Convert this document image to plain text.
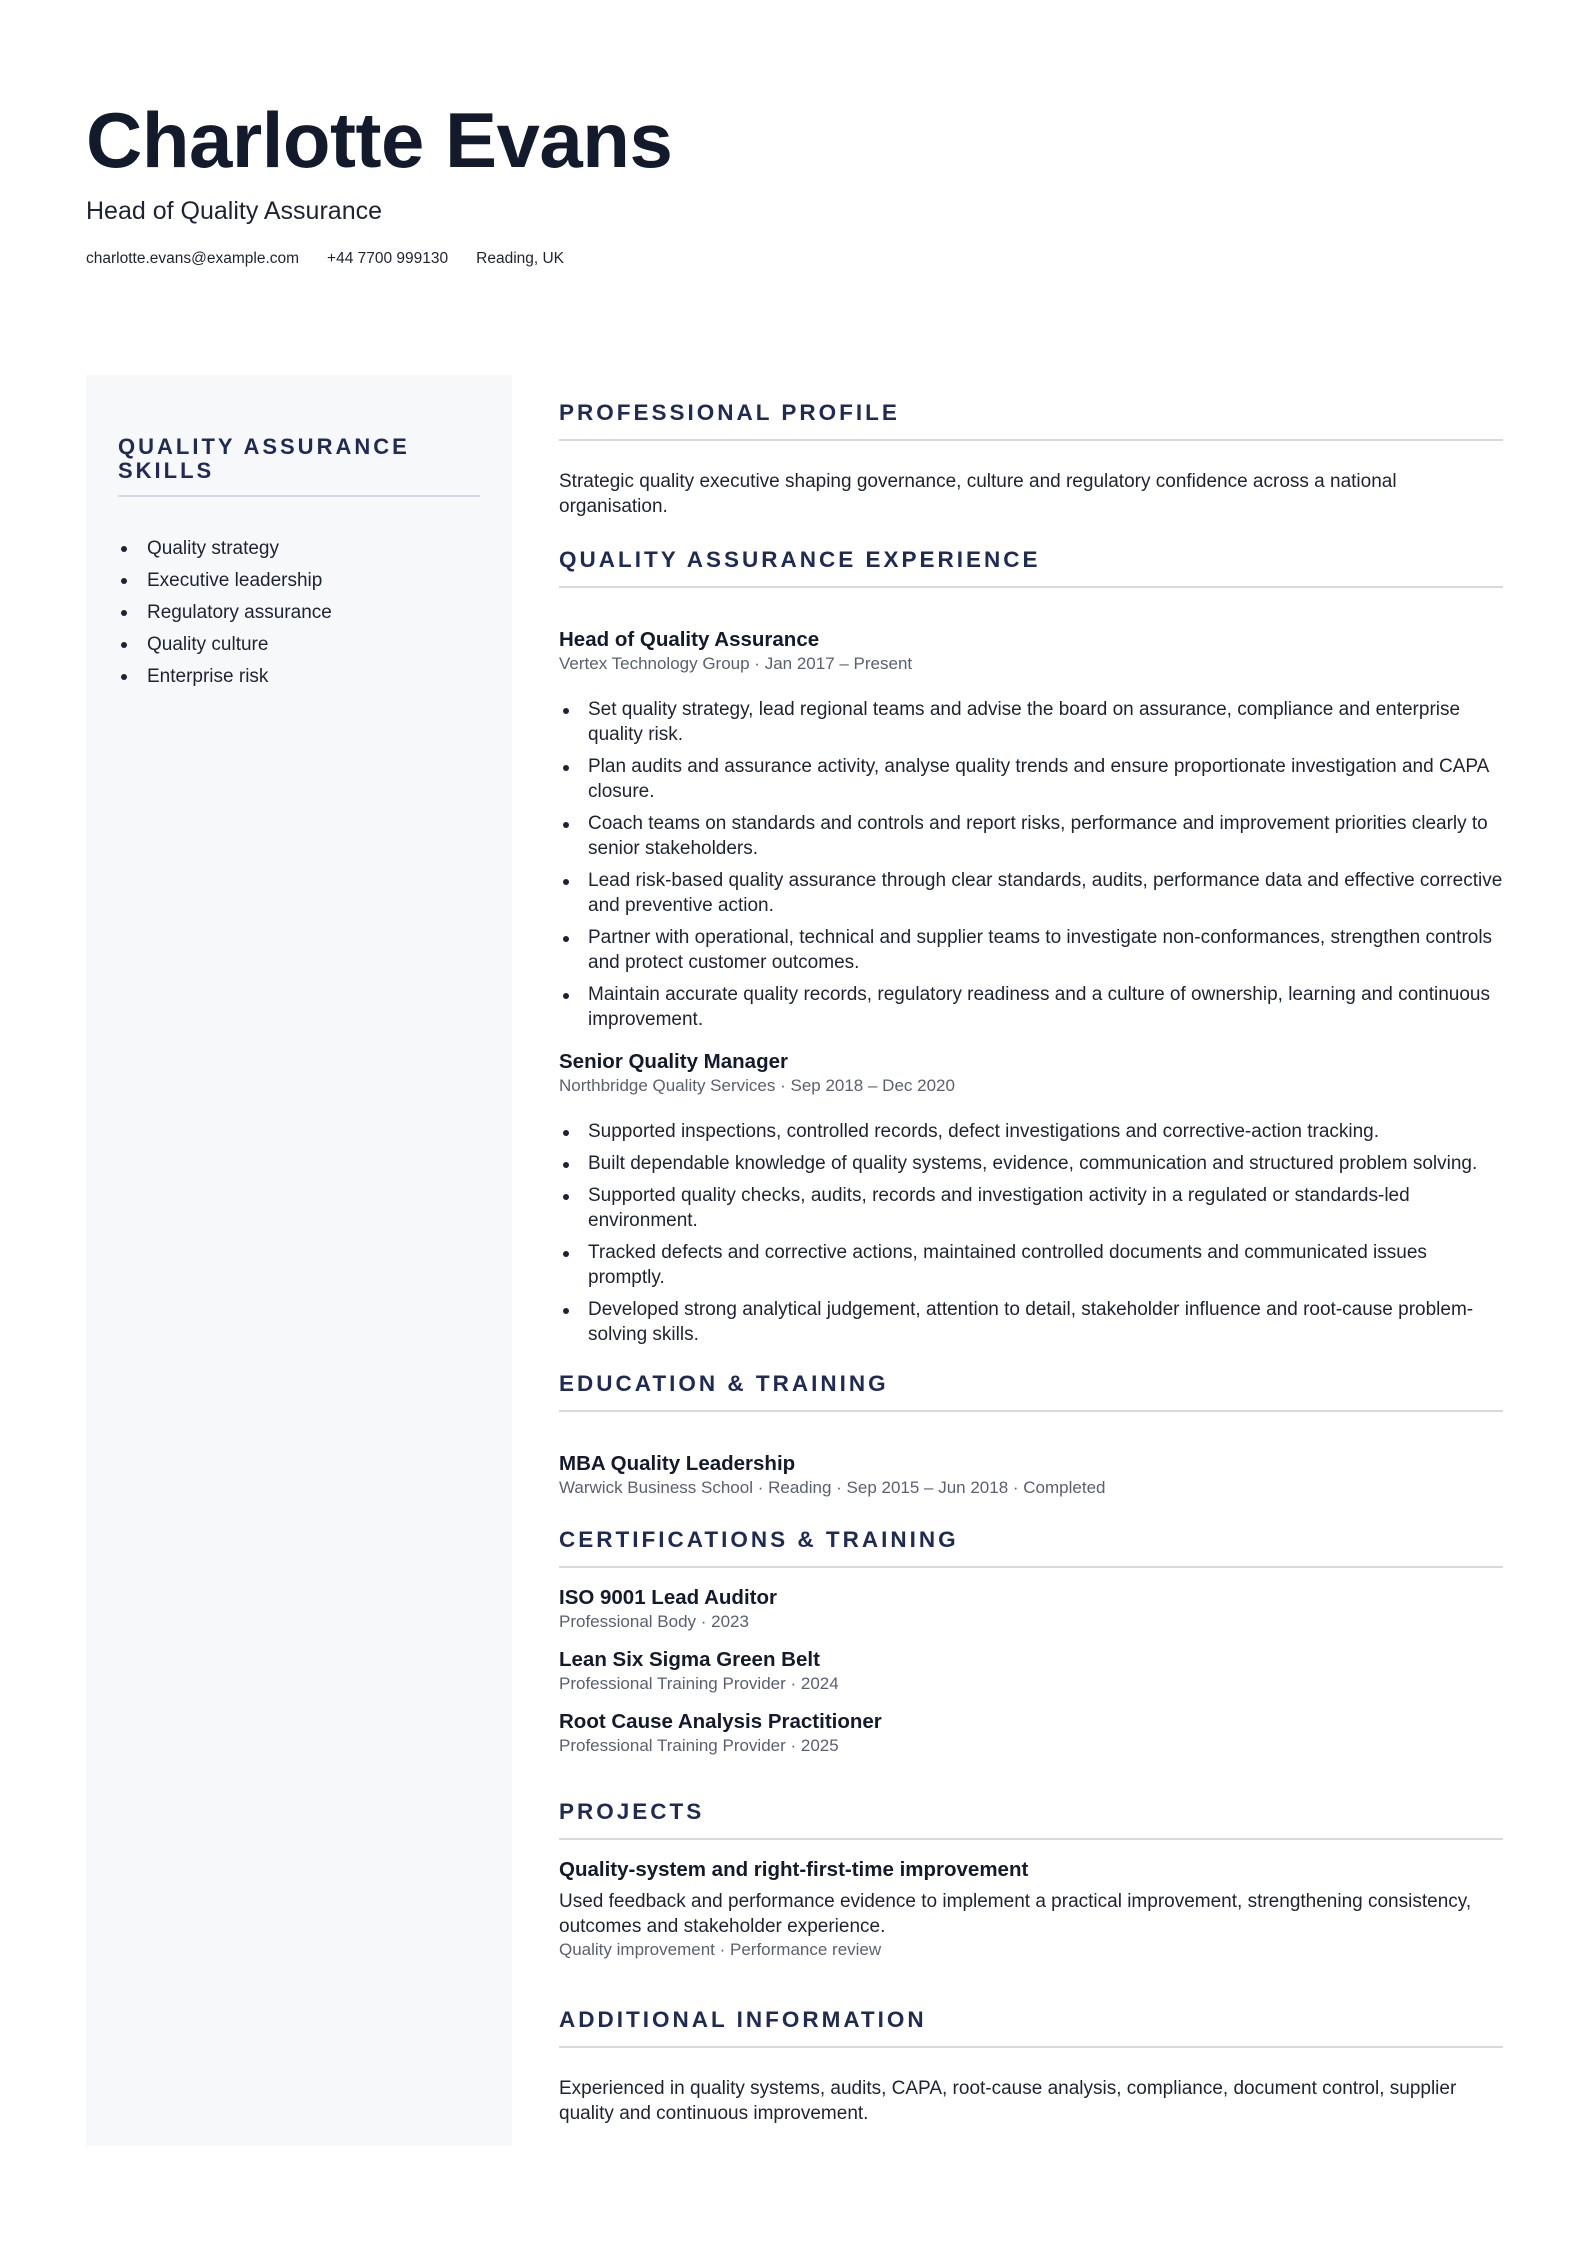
Charlotte Evans
Head of Quality Assurance
charlotte.evans@example.com +44 7700 999130 Reading, UK
QUALITY ASSURANCE SKILLS
Quality strategy
Executive leadership
Regulatory assurance
Quality culture
Enterprise risk
PROFESSIONAL PROFILE

Strategic quality executive shaping governance, culture and regulatory confidence across a national organisation.

QUALITY ASSURANCE EXPERIENCE
Head of Quality Assurance
Vertex Technology Group · Jan 2017 – Present
Set quality strategy, lead regional teams and advise the board on assurance, compliance and enterprise quality risk.
Plan audits and assurance activity, analyse quality trends and ensure proportionate investigation and CAPA closure.
Coach teams on standards and controls and report risks, performance and improvement priorities clearly to senior stakeholders.
Lead risk-based quality assurance through clear standards, audits, performance data and effective corrective and preventive action.
Partner with operational, technical and supplier teams to investigate non-conformances, strengthen controls and protect customer outcomes.
Maintain accurate quality records, regulatory readiness and a culture of ownership, learning and continuous improvement.
Senior Quality Manager
Northbridge Quality Services · Sep 2018 – Dec 2020
Supported inspections, controlled records, defect investigations and corrective-action tracking.
Built dependable knowledge of quality systems, evidence, communication and structured problem solving.
Supported quality checks, audits, records and investigation activity in a regulated or standards-led environment.
Tracked defects and corrective actions, maintained controlled documents and communicated issues promptly.
Developed strong analytical judgement, attention to detail, stakeholder influence and root-cause problem-solving skills.
EDUCATION & TRAINING
MBA Quality Leadership
Warwick Business School · Reading · Sep 2015 – Jun 2018 · Completed
CERTIFICATIONS & TRAINING
ISO 9001 Lead Auditor
Professional Body · 2023
Lean Six Sigma Green Belt
Professional Training Provider · 2024
Root Cause Analysis Practitioner
Professional Training Provider · 2025
PROJECTS
Quality-system and right-first-time improvement

Used feedback and performance evidence to implement a practical improvement, strengthening consistency, outcomes and stakeholder experience.

Quality improvement · Performance review
ADDITIONAL INFORMATION

Experienced in quality systems, audits, CAPA, root-cause analysis, compliance, document control, supplier quality and continuous improvement.
